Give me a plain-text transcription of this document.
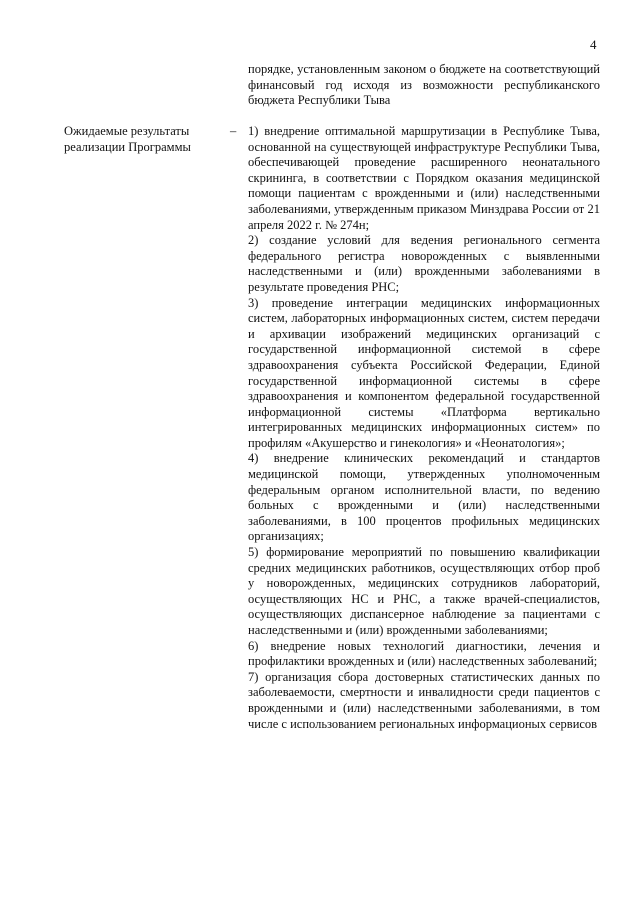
4
порядке, установленным законом о бюджете на соответствующий финансовый год исходя из возможности республиканского бюджета Республики Тыва
Ожидаемые результаты
реализации Программы
– 1) внедрение оптимальной маршрутизации в Республике Тыва, основанной на существующей инфраструктуре Республики Тыва, обеспечивающей проведение расширенного неонатального скрининга, в соответствии с Порядком оказания медицинской помощи пациентам с врожденными и (или) наследственными заболеваниями, утвержденным приказом Минздрава России от 21 апреля 2022 г. № 274н;

2) создание условий для ведения регионального сегмента федерального регистра новорожденных с выявленными наследственными и (или) врожденными заболеваниями в результате проведения РНС;

3) проведение интеграции медицинских информационных систем, лабораторных информационных систем, систем передачи и архивации изображений медицинских организаций с государственной информационной системой в сфере здравоохранения субъекта Российской Федерации, Единой государственной информационной системы в сфере здравоохранения и компонентом федеральной государственной информационной системы «Платформа вертикально интегрированных медицинских информационных систем» по профилям «Акушерство и гинекология» и «Неонатология»;

4) внедрение клинических рекомендаций и стандартов медицинской помощи, утвержденных уполномоченным федеральным органом исполнительной власти, по ведению больных с врожденными и (или) наследственными заболеваниями, в 100 процентов профильных медицинских организациях;

5) формирование мероприятий по повышению квалификации средних медицинских работников, осуществляющих отбор проб у новорожденных, медицинских сотрудников лабораторий, осуществляющих НС и РНС, а также врачей-специалистов, осуществляющих диспансерное наблюдение за пациентами с наследственными и (или) врожденными заболеваниями;

6) внедрение новых технологий диагностики, лечения и профилактики врожденных и (или) наследственных заболеваний;

7) организация сбора достоверных статистических данных по заболеваемости, смертности и инвалидности среди пациентов с врожденными и (или) наследственными заболеваниями, в том числе с использованием региональных информационых сервисов
